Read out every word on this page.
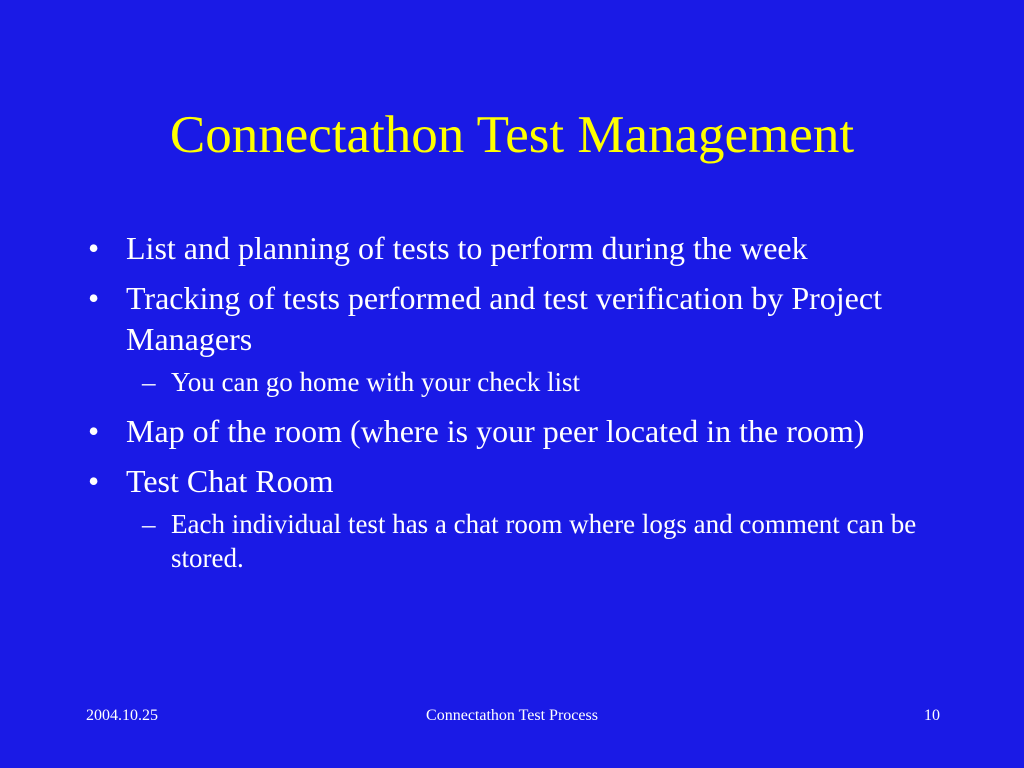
Connectathon Test Management
• List and planning of tests to perform during the week
• Tracking of tests performed and test verification by Project Managers
– You can go home with your check list
• Map of the room (where is your peer located in the room)
• Test Chat Room
– Each individual test has a chat room where logs and comment can be stored.
2004.10.25	Connectathon Test Process	10
